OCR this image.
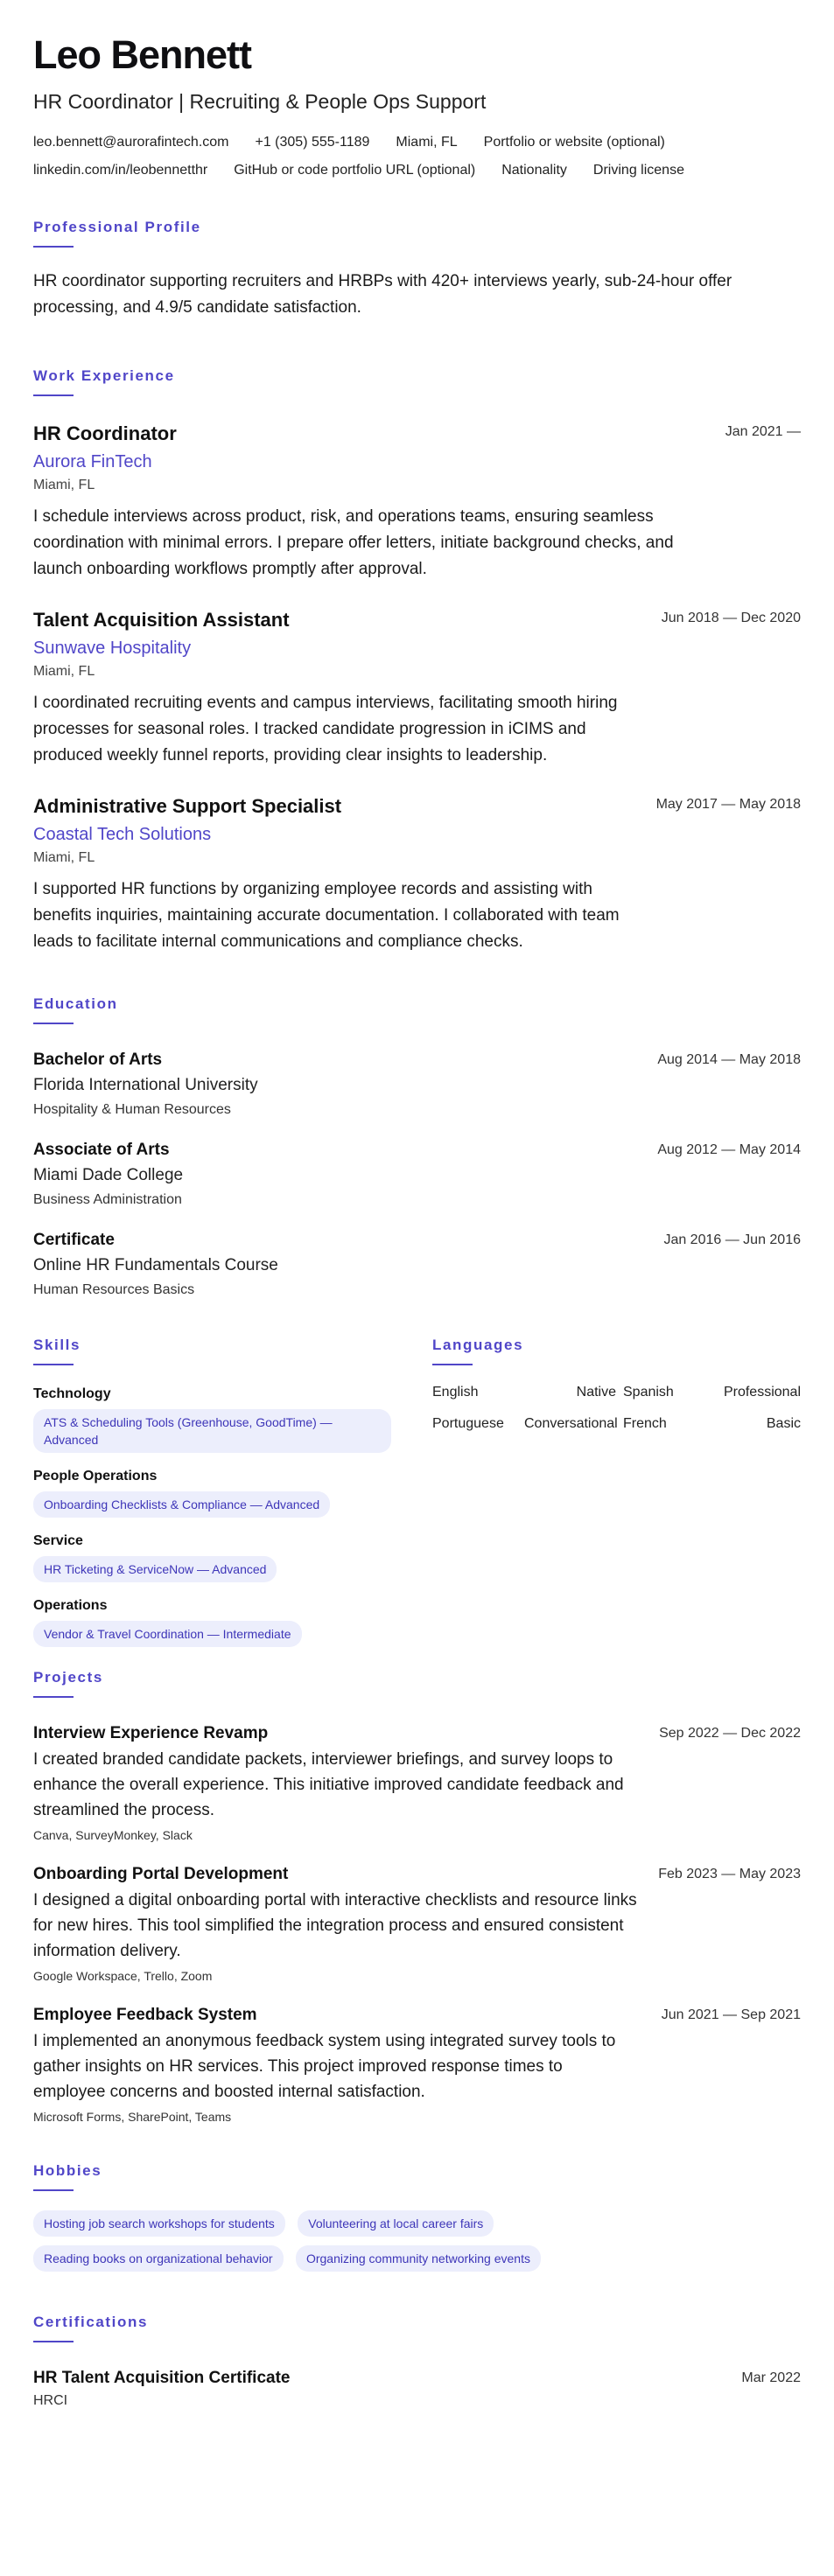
Leo Bennett
HR Coordinator | Recruiting & People Ops Support
leo.bennett@aurorafintech.com +1 (305) 555-1189 Miami, FL Portfolio or website (optional)
linkedin.com/in/leobennetthr GitHub or code portfolio URL (optional) Nationality Driving license
Professional Profile
HR coordinator supporting recruiters and HRBPs with 420+ interviews yearly, sub-24-hour offer processing, and 4.9/5 candidate satisfaction.
Work Experience
HR Coordinator	Jan 2021 —
Aurora FinTech
Miami, FL
I schedule interviews across product, risk, and operations teams, ensuring seamless coordination with minimal errors. I prepare offer letters, initiate background checks, and launch onboarding workflows promptly after approval.
Talent Acquisition Assistant	Jun 2018 — Dec 2020
Sunwave Hospitality
Miami, FL
I coordinated recruiting events and campus interviews, facilitating smooth hiring processes for seasonal roles. I tracked candidate progression in iCIMS and produced weekly funnel reports, providing clear insights to leadership.
Administrative Support Specialist	May 2017 — May 2018
Coastal Tech Solutions
Miami, FL
I supported HR functions by organizing employee records and assisting with benefits inquiries, maintaining accurate documentation. I collaborated with team leads to facilitate internal communications and compliance checks.
Education
Bachelor of Arts	Aug 2014 — May 2018
Florida International University
Hospitality & Human Resources
Associate of Arts	Aug 2012 — May 2014
Miami Dade College
Business Administration
Certificate	Jan 2016 — Jun 2016
Online HR Fundamentals Course
Human Resources Basics
Skills
Technology
ATS & Scheduling Tools (Greenhouse, GoodTime) — Advanced
People Operations
Onboarding Checklists & Compliance — Advanced
Service
HR Ticketing & ServiceNow — Advanced
Operations
Vendor & Travel Coordination — Intermediate
Languages
English	Native Spanish	Professional
Portuguese	Conversational French	Basic
Projects
Interview Experience Revamp	Sep 2022 — Dec 2022
I created branded candidate packets, interviewer briefings, and survey loops to enhance the overall experience. This initiative improved candidate feedback and streamlined the process.
Canva, SurveyMonkey, Slack
Onboarding Portal Development	Feb 2023 — May 2023
I designed a digital onboarding portal with interactive checklists and resource links for new hires. This tool simplified the integration process and ensured consistent information delivery.
Google Workspace, Trello, Zoom
Employee Feedback System	Jun 2021 — Sep 2021
I implemented an anonymous feedback system using integrated survey tools to gather insights on HR services. This project improved response times to employee concerns and boosted internal satisfaction.
Microsoft Forms, SharePoint, Teams
Hobbies
Hosting job search workshops for students	Volunteering at local career fairs
Reading books on organizational behavior	Organizing community networking events
Certifications
HR Talent Acquisition Certificate	Mar 2022
HRCI
